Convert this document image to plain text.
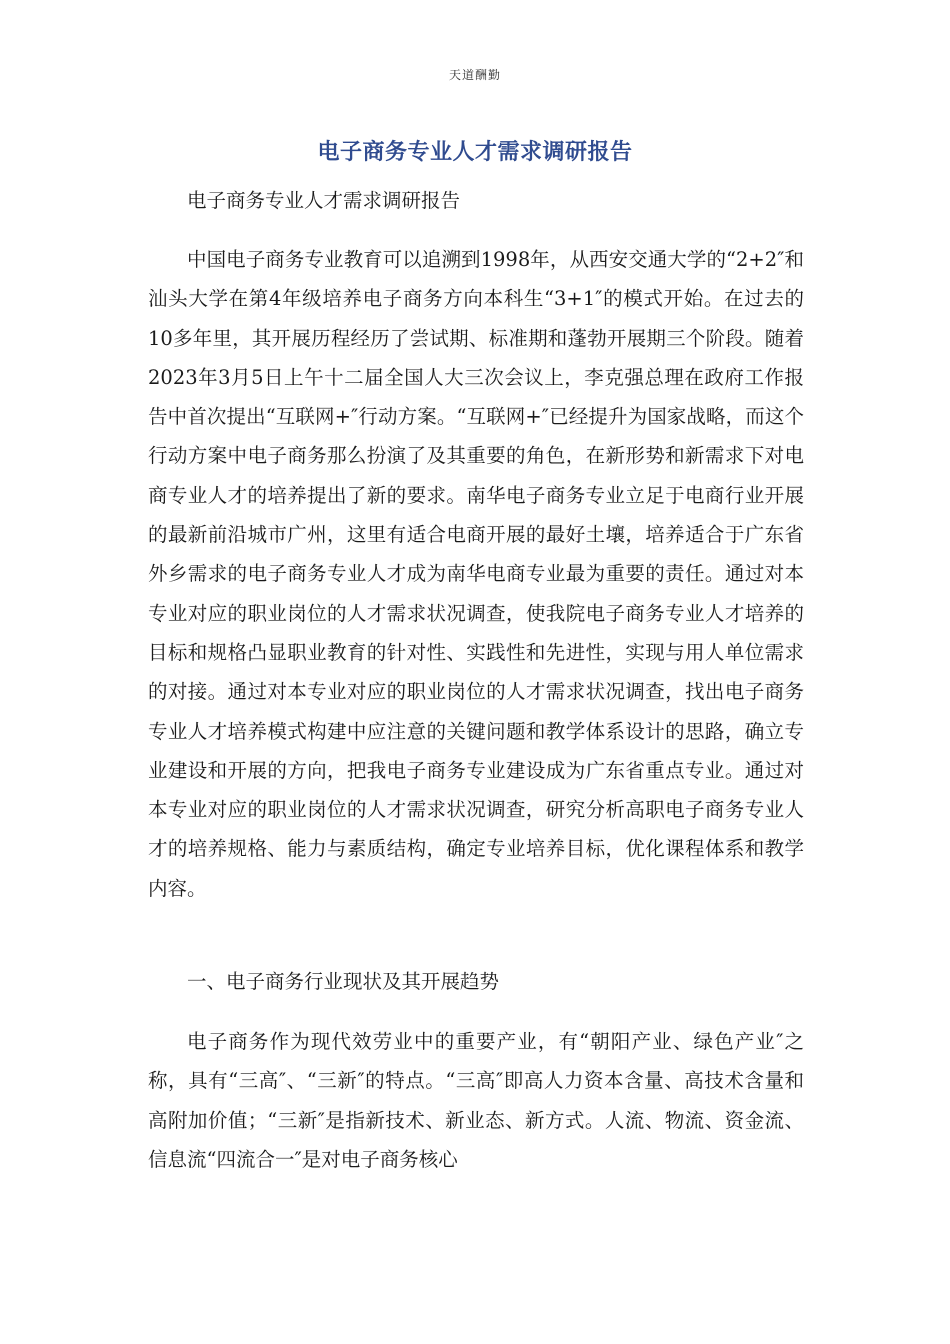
天道酬勤
电子商务专业人才需求调研报告

电子商务专业人才需求调研报告

中国电子商务专业教育可以追溯到1998年，从西安交通大学的“2+2″和汕头大学在第4年级培养电子商务方向本科生“3+1″的模式开始。在过去的10多年里，其开展历程经历了尝试期、标准期和蓬勃开展期三个阶段。随着2023年3月5日上午十二届全国人大三次会议上，李克强总理在政府工作报告中首次提出“互联网+″行动方案。“互联网+″已经提升为国家战略，而这个行动方案中电子商务那么扮演了及其重要的角色，在新形势和新需求下对电商专业人才的培养提出了新的要求。南华电子商务专业立足于电商行业开展的最新前沿城市广州，这里有适合电商开展的最好土壤，培养适合于广东省外乡需求的电子商务专业人才成为南华电商专业最为重要的责任。通过对本专业对应的职业岗位的人才需求状况调查，使我院电子商务专业人才培养的目标和规格凸显职业教育的针对性、实践性和先进性，实现与用人单位需求的对接。通过对本专业对应的职业岗位的人才需求状况调查，找出电子商务专业人才培养模式构建中应注意的关键问题和教学体系设计的思路，确立专业建设和开展的方向，把我电子商务专业建设成为广东省重点专业。通过对本专业对应的职业岗位的人才需求状况调查，研究分析高职电子商务专业人才的培养规格、能力与素质结构，确定专业培养目标，优化课程体系和教学内容。

一、电子商务行业现状及其开展趋势

电子商务作为现代效劳业中的重要产业，有“朝阳产业、绿色产业″之称，具有“三高″、“三新″的特点。“三高″即高人力资本含量、高技术含量和高附加价值；“三新″是指新技术、新业态、新方式。人流、物流、资金流、信息流“四流合一″是对电子商务核心
